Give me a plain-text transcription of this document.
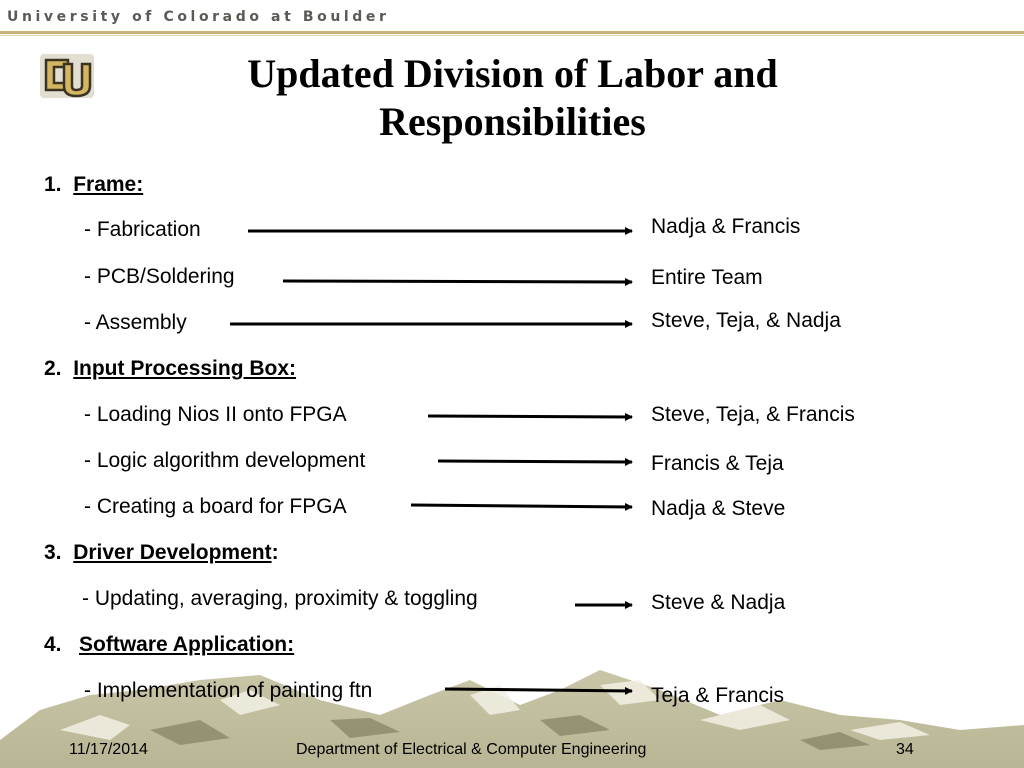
University of Colorado at Boulder
Updated Division of Labor and
Responsibilities
1. Frame:
- Fabrication	Nadja & Francis
- PCB/Soldering	Entire Team
- Assembly	Steve, Teja, & Nadja
2. Input Processing Box:
- Loading Nios II onto FPGA	Steve, Teja, & Francis
- Logic algorithm development	Francis & Teja
- Creating a board for FPGA	Nadja & Steve
3. Driver Development:
- Updating, averaging, proximity & toggling	Steve & Nadja
4. Software Application:
- Implementation of painting ftn	Teja & Francis
11/17/2014	Department of Electrical & Computer Engineering	34
